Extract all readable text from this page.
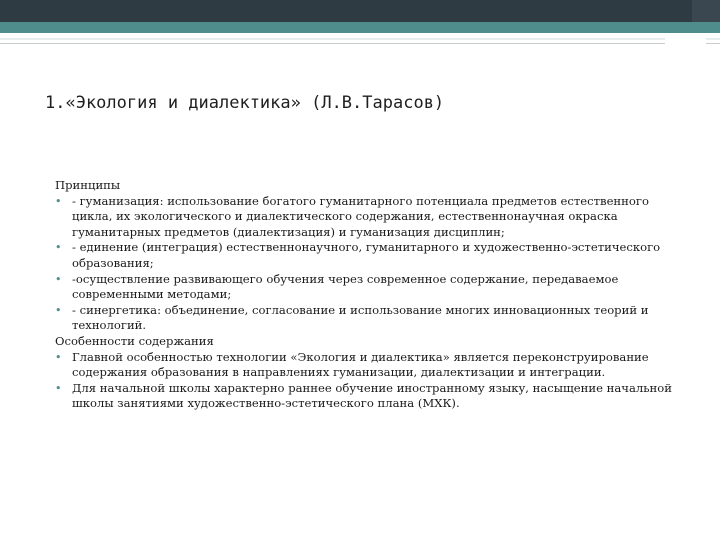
1.«Экология и диалектика» (Л.В.Тарасов)

Принципы

• - гуманизация: использование богатого гуманитарного потенциала предметов естественного цикла, их экологического и диалектического содержания, естественнонаучная окраска гуманитарных предметов (диалектизация) и гуманизация дисциплин;

• - единение (интеграция) естественнонаучного, гуманитарного и художественно-эстетического образования;

• -осуществление развивающего обучения через современное содержание, передаваемое современными методами;

• - синергетика: объединение, согласование и использование многих инновационных теорий и технологий.

Особенности содержания

• Главной особенностью технологии «Экология и диалектика» является переконструирование содержания образования в направлениях гуманизации, диалектизации и интеграции.

• Для начальной школы характерно раннее обучение иностранному языку, насыщение начальной школы занятиями художественно-эстетического плана (МХК).
